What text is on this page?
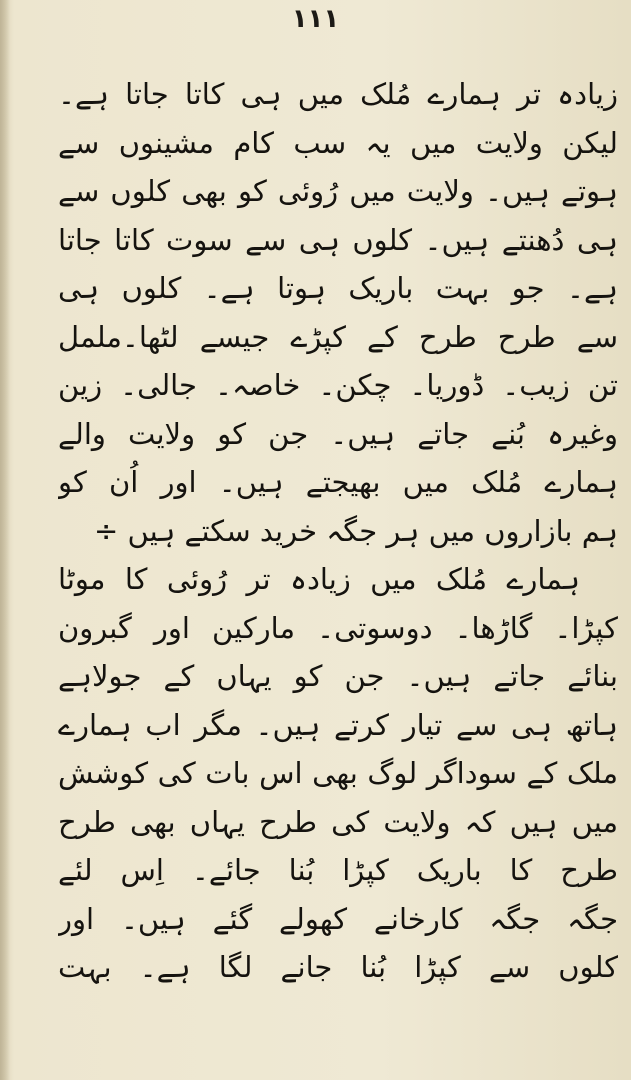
۱۱۱
زیادہ تر ہمارے مُلک میں ہی کاتا جاتا ہے۔
لیکن ولایت میں یہ سب کام مشینوں سے
ہوتے ہیں۔ ولایت میں رُوئی کو بھی کلوں سے
ہی دُھنتے ہیں۔ کلوں ہی سے سوت کاتا جاتا
ہے۔ جو بہت باریک ہوتا ہے۔ کلوں ہی
سے طرح طرح کے کپڑے جیسے لٹھا۔ململ
تن زیب۔ ڈوریا۔ چکن۔ خاصہ۔ جالی۔ زین
وغیرہ بُنے جاتے ہیں۔ جن کو ولایت والے
ہمارے مُلک میں بھیجتے ہیں۔ اور اُن کو
ہم بازاروں میں ہر جگہ خرید سکتے ہیں ÷
ہمارے مُلک میں زیادہ تر رُوئی کا موٹا
کپڑا۔ گاڑھا۔ دوسوتی۔ مارکین اور گبرون
بنائے جاتے ہیں۔ جن کو یہاں کے جولاہے
ہاتھ ہی سے تیار کرتے ہیں۔ مگر اب ہمارے
ملک کے سوداگر لوگ بھی اس بات کی کوشش
میں ہیں کہ ولایت کی طرح یہاں بھی طرح
طرح کا باریک کپڑا بُنا جائے۔ اِس لئے
جگہ جگہ کارخانے کھولے گئے ہیں۔ اور
کلوں سے کپڑا بُنا جانے لگا ہے۔ بہت
